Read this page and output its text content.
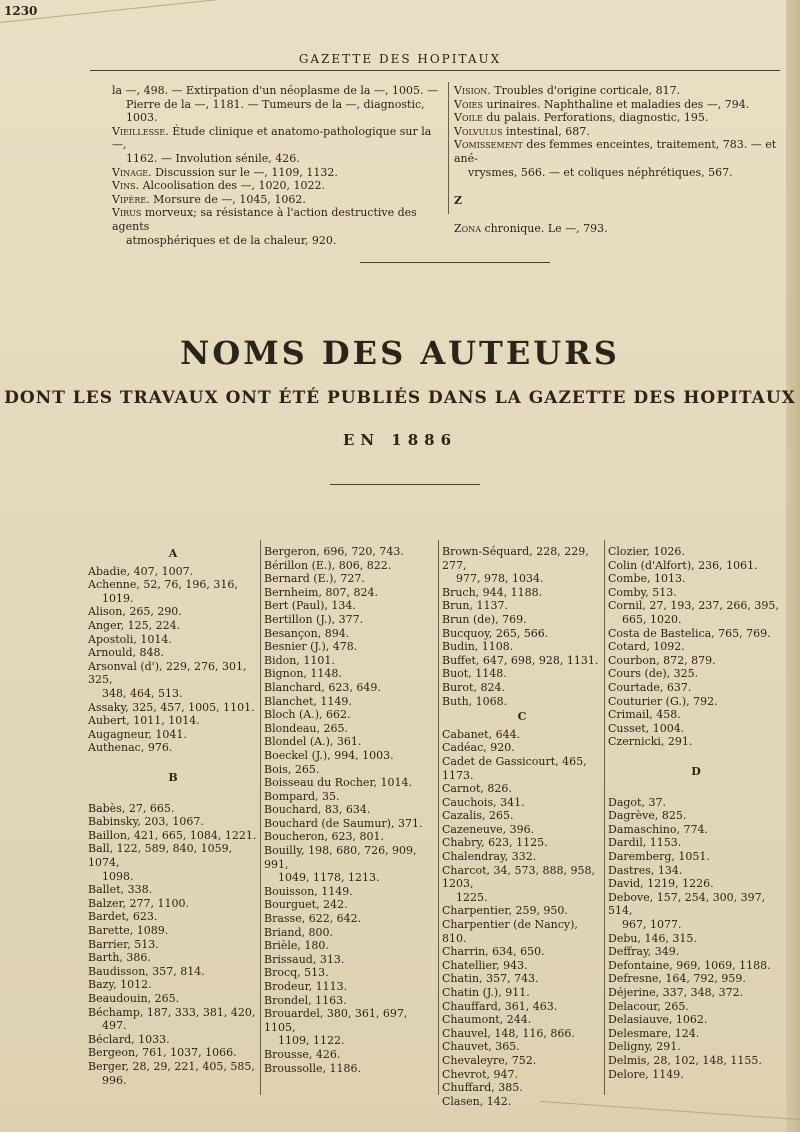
1230
GAZETTE DES HOPITAUX

la —, 498. — Extirpation d'un néoplasme de la —, 1005. —

Pierre de la —, 1181. — Tumeurs de la —, diagnostic, 1003.

Vieillesse. Étude clinique et anatomo-pathologique sur la —,

1162. — Involution sénile, 426.

Vinage. Discussion sur le —, 1109, 1132.

Vins. Alcoolisation des —, 1020, 1022.

Vipère. Morsure de —, 1045, 1062.

Virus morveux; sa résistance à l'action destructive des agents

atmosphériques et de la chaleur, 920.

Vision. Troubles d'origine corticale, 817.

Voies urinaires. Naphthaline et maladies des —, 794.

Voile du palais. Perforations, diagnostic, 195.

Volvulus intestinal, 687.

Vomissement des femmes enceintes, traitement, 783. — et ané-

vrysmes, 566. — et coliques néphrétiques, 567.

Z

Zona chronique. Le —, 793.

NOMS DES AUTEURS
DONT LES TRAVAUX ONT ÉTÉ PUBLIÉS DANS LA GAZETTE DES HOPITAUX
EN 1886
A

Abadie, 407, 1007.

Achenne, 52, 76, 196, 316,

1019.

Alison, 265, 290.

Anger, 125, 224.

Apostoli, 1014.

Arnould, 848.

Arsonval (d'), 229, 276, 301, 325,

348, 464, 513.

Assaky, 325, 457, 1005, 1101.

Aubert, 1011, 1014.

Augagneur, 1041.

Authenac, 976.

B

Babès, 27, 665.

Babinsky, 203, 1067.

Baillon, 421, 665, 1084, 1221.

Ball, 122, 589, 840, 1059, 1074,

1098.

Ballet, 338.

Balzer, 277, 1100.

Bardet, 623.

Barette, 1089.

Barrier, 513.

Barth, 386.

Baudisson, 357, 814.

Bazy, 1012.

Beaudouin, 265.

Béchamp, 187, 333, 381, 420,

497.

Béclard, 1033.

Bergeon, 761, 1037, 1066.

Berger, 28, 29, 221, 405, 585,

996.

Bergeron, 696, 720, 743.

Bérillon (E.), 806, 822.

Bernard (E.), 727.

Bernheim, 807, 824.

Bert (Paul), 134.

Bertillon (J.), 377.

Besançon, 894.

Besnier (J.), 478.

Bidon, 1101.

Bignon, 1148.

Blanchard, 623, 649.

Blanchet, 1149.

Bloch (A.), 662.

Blondeau, 265.

Blondel (A.), 361.

Boeckel (J.), 994, 1003.

Bois, 265.

Boisseau du Rocher, 1014.

Bompard, 35.

Bouchard, 83, 634.

Bouchard (de Saumur), 371.

Boucheron, 623, 801.

Bouilly, 198, 680, 726, 909, 991,

1049, 1178, 1213.

Bouisson, 1149.

Bourguet, 242.

Brasse, 622, 642.

Briand, 800.

Brièle, 180.

Brissaud, 313.

Brocq, 513.

Brodeur, 1113.

Brondel, 1163.

Brouardel, 380, 361, 697, 1105,

1109, 1122.

Brousse, 426.

Broussolle, 1186.

Brown-Séquard, 228, 229, 277,

977, 978, 1034.

Bruch, 944, 1188.

Brun, 1137.

Brun (de), 769.

Bucquoy, 265, 566.

Budin, 1108.

Buffet, 647, 698, 928, 1131.

Buot, 1148.

Burot, 824.

Buth, 1068.

C

Cabanet, 644.

Cadéac, 920.

Cadet de Gassicourt, 465, 1173.

Carnot, 826.

Cauchois, 341.

Cazalis, 265.

Cazeneuve, 396.

Chabry, 623, 1125.

Chalendray, 332.

Charcot, 34, 573, 888, 958, 1203,

1225.

Charpentier, 259, 950.

Charpentier (de Nancy), 810.

Charrin, 634, 650.

Chatellier, 943.

Chatin, 357, 743.

Chatin (J.), 911.

Chauffard, 361, 463.

Chaumont, 244.

Chauvel, 148, 116, 866.

Chauvet, 365.

Chevaleyre, 752.

Chevrot, 947.

Chuffard, 385.

Clasen, 142.

Clozier, 1026.

Colin (d'Alfort), 236, 1061.

Combe, 1013.

Comby, 513.

Cornil, 27, 193, 237, 266, 395,

665, 1020.

Costa de Bastelica, 765, 769.

Cotard, 1092.

Courbon, 872, 879.

Cours (de), 325.

Courtade, 637.

Couturier (G.), 792.

Crimail, 458.

Cusset, 1004.

Czernicki, 291.

D

Dagot, 37.

Dagrève, 825.

Damaschino, 774.

Dardil, 1153.

Daremberg, 1051.

Dastres, 134.

David, 1219, 1226.

Debove, 157, 254, 300, 397, 514,

967, 1077.

Debu, 146, 315.

Deffray, 349.

Defontaine, 969, 1069, 1188.

Defresne, 164, 792, 959.

Déjerine, 337, 348, 372.

Delacour, 265.

Delasiauve, 1062.

Delesmare, 124.

Deligny, 291.

Delmis, 28, 102, 148, 1155.

Delore, 1149.
